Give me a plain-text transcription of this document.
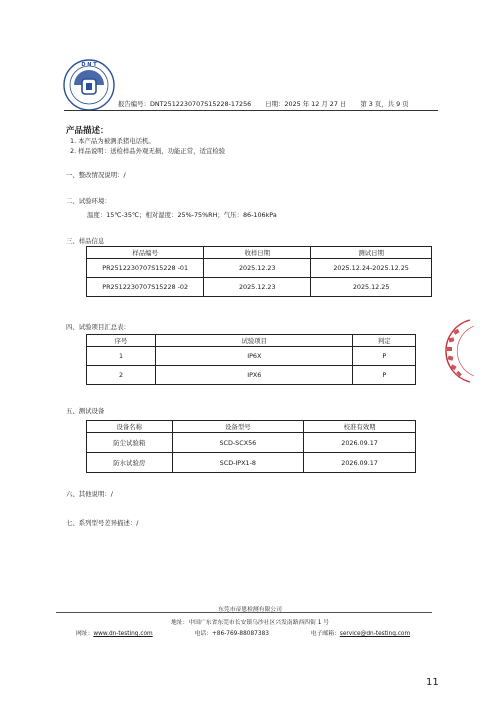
D N T
报告编号：DNT2512230707S15228-17256 日期：2025 年 12 月 27 日 第 3 页，共 9 页
产品描述：
1. 本产品为被测杀猪电话机。
2. 样品说明：送检样品外观无损，功能正常，适宜检验
一、整改情况说明：/
二、试验环境：
温度：15℃-35℃；相对湿度：25%-75%RH；气压：86-106kPa
三、样品信息
样品编号	收样日期	测试日期
PR2512230707S15228 -01	2025.12.23	2025.12.24-2025.12.25
PR2512230707S15228 -02	2025.12.23	2025.12.25
四、试验项目汇总表：
序号	试验项目	判定
1	IP6X	P
2	IPX6	P
五、测试设备
设备名称	设备型号	校准有效期
防尘试验箱	SCD-SCX56	2026.09.17
防水试验房	SCD-IPX1-8	2026.09.17
六、其他说明：/
七、系列型号差异描述：/
东莞市帝恩检测有限公司
地址：中国广东省东莞市长安镇乌沙社区兴发南路西四街 1 号
网址：www.dn-testing.com	电话：+86-769-88087383	电子邮箱：service@dn-testing.com
11
